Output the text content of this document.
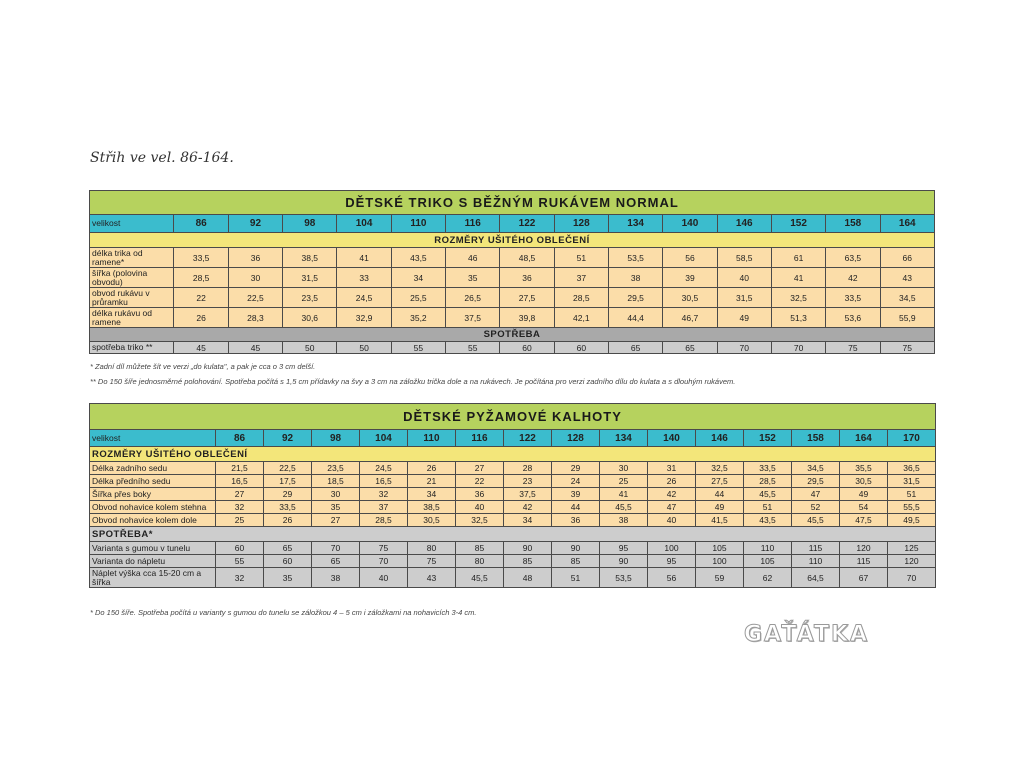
Střih ve vel. 86-164.
DĚTSKÉ TRIKO S BĚŽNÝM RUKÁVEM NORMAL														
velikost	86	92	98	104	110	116	122	128	134	140	146	152	158	164
ROZMĚRY UŠITÉHO OBLEČENÍ														
délka trika od ramene*	33,5	36	38,5	41	43,5	46	48,5	51	53,5	56	58,5	61	63,5	66
šířka (polovina obvodu)	28,5	30	31,5	33	34	35	36	37	38	39	40	41	42	43
obvod rukávu v průramku	22	22,5	23,5	24,5	25,5	26,5	27,5	28,5	29,5	30,5	31,5	32,5	33,5	34,5
délka rukávu od ramene	26	28,3	30,6	32,9	35,2	37,5	39,8	42,1	44,4	46,7	49	51,3	53,6	55,9
SPOTŘEBA														
spotřeba triko **	45	45	50	50	55	55	60	60	65	65	70	70	75	75

* Zadní díl můžete šít ve verzi „do kulata", a pak je cca o 3 cm delší.

** Do 150 šíře jednosměrné polohování. Spotřeba počítá s 1,5 cm přídavky na švy a 3 cm na záložku trička dole a na rukávech. Je počítána pro verzi zadního dílu do kulata a s dlouhým rukávem.

DĚTSKÉ PYŽAMOVÉ KALHOTY															
velikost	86	92	98	104	110	116	122	128	134	140	146	152	158	164	170
ROZMĚRY UŠITÉHO OBLEČENÍ															
Délka zadního sedu	21,5	22,5	23,5	24,5	26	27	28	29	30	31	32,5	33,5	34,5	35,5	36,5
Délka předního sedu	16,5	17,5	18,5	16,5	21	22	23	24	25	26	27,5	28,5	29,5	30,5	31,5
Šířka přes boky	27	29	30	32	34	36	37,5	39	41	42	44	45,5	47	49	51
Obvod nohavice kolem stehna	32	33,5	35	37	38,5	40	42	44	45,5	47	49	51	52	54	55,5
Obvod nohavice kolem dole	25	26	27	28,5	30,5	32,5	34	36	38	40	41,5	43,5	45,5	47,5	49,5
SPOTŘEBA*															
Varianta s gumou v tunelu	60	65	70	75	80	85	90	90	95	100	105	110	115	120	125
Varianta do nápletu	55	60	65	70	75	80	85	85	90	95	100	105	110	115	120
Náplet výška cca 15-20 cm a šířka	32	35	38	40	43	45,5	48	51	53,5	56	59	62	64,5	67	70

* Do 150 šíře. Spotřeba počítá u varianty s gumou do tunelu se záložkou 4 – 5 cm i záložkami na nohavicích 3-4 cm.

GAŤÁTKA
